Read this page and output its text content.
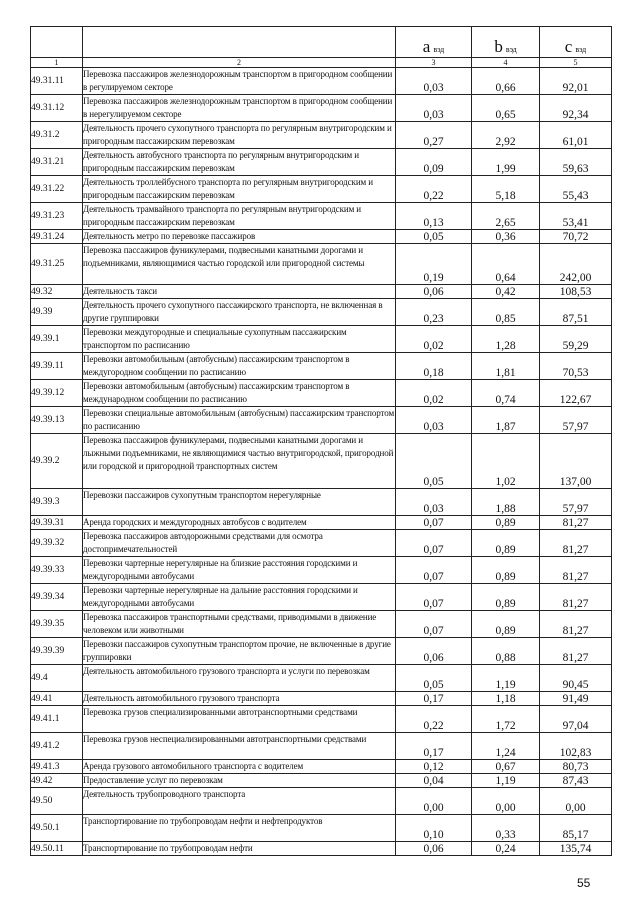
		a вэд	b вэд	c вэд
1	2	3	4	5
49.31.11	Перевозка пассажиров железнодорожным транспортом в пригородном сообщении в регулируемом секторе	0,03	0,66	92,01
49.31.12	Перевозка пассажиров железнодорожным транспортом в пригородном сообщении в нерегулируемом секторе	0,03	0,65	92,34
49.31.2	Деятельность прочего сухопутного транспорта по регулярным внутригородским и пригородным пассажирским перевозкам	0,27	2,92	61,01
49.31.21	Деятельность автобусного транспорта по регулярным внутригородским и пригородным пассажирским перевозкам	0,09	1,99	59,63
49.31.22	Деятельность троллейбусного транспорта по регулярным внутригородским и пригородным пассажирским перевозкам	0,22	5,18	55,43
49.31.23	Деятельность трамвайного транспорта по регулярным внутригородским и пригородным пассажирским перевозкам	0,13	2,65	53,41
49.31.24	Деятельность метро по перевозке пассажиров	0,05	0,36	70,72
49.31.25	Перевозка пассажиров фуникулерами, подвесными канатными дорогами и подъемниками, являющимися частью городской или пригородной системы	0,19	0,64	242,00
49.32	Деятельность такси	0,06	0,42	108,53
49.39	Деятельность прочего сухопутного пассажирского транспорта, не включенная в другие группировки	0,23	0,85	87,51
49.39.1	Перевозки междугородные и специальные сухопутным пассажирским транспортом по расписанию	0,02	1,28	59,29
49.39.11	Перевозки автомобильным (автобусным) пассажирским транспортом в междугородном сообщении по расписанию	0,18	1,81	70,53
49.39.12	Перевозки автомобильным (автобусным) пассажирским транспортом в международном сообщении по расписанию	0,02	0,74	122,67
49.39.13	Перевозки специальные автомобильным (автобусным) пассажирским транспортом по расписанию	0,03	1,87	57,97
49.39.2	Перевозка пассажиров фуникулерами, подвесными канатными дорогами и лыжными подъемниками, не являющимися частью внутригородской, пригородной или городской и пригородной транспортных систем	0,05	1,02	137,00
49.39.3	Перевозки пассажиров сухопутным транспортом нерегулярные	0,03	1,88	57,97
49.39.31	Аренда городских и междугородных автобусов с водителем	0,07	0,89	81,27
49.39.32	Перевозка пассажиров автодорожными средствами для осмотра достопримечательностей	0,07	0,89	81,27
49.39.33	Перевозки чартерные нерегулярные на близкие расстояния городскими и междугородными автобусами	0,07	0,89	81,27
49.39.34	Перевозки чартерные нерегулярные на дальние расстояния городскими и междугородными автобусами	0,07	0,89	81,27
49.39.35	Перевозка пассажиров транспортными средствами, приводимыми в движение человеком или животными	0,07	0,89	81,27
49.39.39	Перевозки пассажиров сухопутным транспортом прочие, не включенные в другие группировки	0,06	0,88	81,27
49.4	Деятельность автомобильного грузового транспорта и услуги по перевозкам	0,05	1,19	90,45
49.41	Деятельность автомобильного грузового транспорта	0,17	1,18	91,49
49.41.1	Перевозка грузов специализированными автотранспортными средствами	0,22	1,72	97,04
49.41.2	Перевозка грузов неспециализированными автотранспортными средствами	0,17	1,24	102,83
49.41.3	Аренда грузового автомобильного транспорта с водителем	0,12	0,67	80,73
49.42	Предоставление услуг по перевозкам	0,04	1,19	87,43
49.50	Деятельность трубопроводного транспорта	0,00	0,00	0,00
49.50.1	Транспортирование по трубопроводам нефти и нефтепродуктов	0,10	0,33	85,17
49.50.11	Транспортирование по трубопроводам нефти	0,06	0,24	135,74
55
